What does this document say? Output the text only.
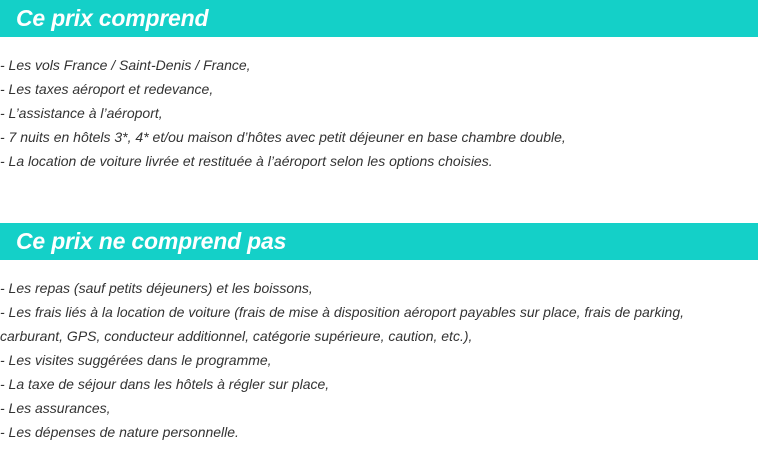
Ce prix comprend
- Les vols France / Saint-Denis / France,
- Les taxes aéroport et redevance,
- L’assistance à l’aéroport,
- 7 nuits en hôtels 3*, 4* et/ou maison d’hôtes avec petit déjeuner en base chambre double,
- La location de voiture livrée et restituée à l’aéroport selon les options choisies.
Ce prix ne comprend pas
- Les repas (sauf petits déjeuners) et les boissons,
- Les frais liés à la location de voiture (frais de mise à disposition aéroport payables sur place, frais de parking,
carburant, GPS, conducteur additionnel, catégorie supérieure, caution, etc.),
- Les visites suggérées dans le programme,
- La taxe de séjour dans les hôtels à régler sur place,
- Les assurances,
- Les dépenses de nature personnelle.
